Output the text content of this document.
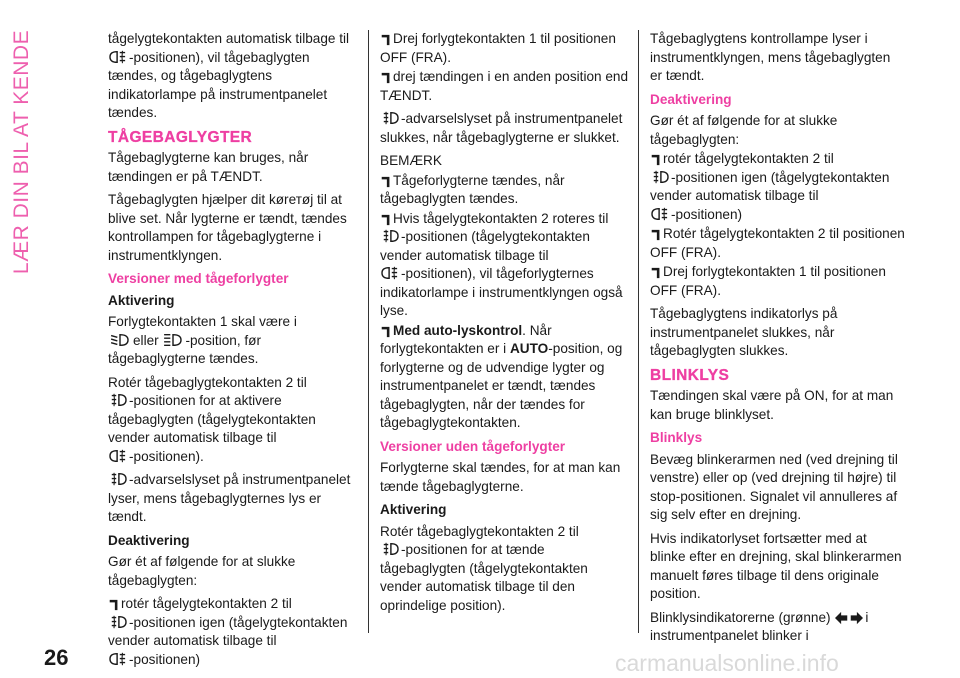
LÆR DIN BIL AT KENDE	tågelygtekontakten automatisk tilbage til
-positionen), vil tågebaglygten tændes, og tågebaglygtens indikatorlampe på instrumentpanelet tændes.

TÅGEBAGLYGTER

Tågebaglygterne kan bruges, når tændingen er på TÆNDT.

Tågebaglygten hjælper dit kørетøj til at blive set. Når lygterne er tændt, tændes kontrollampen for tågebaglygterne i instrumentklyngen.

Versioner med tågeforlygter
Aktivering

Forlygtekontakten 1 skal være i

eller -position, før tågebaglygterne tændes.

Rotér tågebaglygtekontakten 2 til

-positionen for at aktivere tågebaglygten (tågelygtekontakten vender automatisk tilbage til

-positionen).

-advarselslyset på instrumentpanelet lyser, mens tågebaglygternes lys er tændt.

Deaktivering

Gør ét af følgende for at slukke tågebaglygten:

rotér tågelygtekontakten 2 til

-positionen igen (tågelygtekontakten vender automatisk tilbage til

-positionen)

Drej forlygtekontakten 1 til positionen OFF (FRA).

drej tændingen i en anden position end TÆNDT.

-advarselslyset på instrumentpanelet slukkes, når tågebaglygterne er slukket.

BEMÆRK

Tågeforlygterne tændes, når tågebaglygten tændes.

Hvis tågelygtekontakten 2 roteres til

-positionen (tågelygtekontakten vender automatisk tilbage til

-positionen), vil tågeforlygternes indikatorlampe i instrumentklyngen også lyse.

Med auto-lyskontrol. Når forlygtekontakten er i AUTO-position, og forlygterne og de udvendige lygter og instrumentpanelet er tændt, tændes tågebaglygten, når der tændes for tågebaglygtekontakten.

Versioner uden tågeforlygter

Forlygterne skal tændes, for at man kan tænde tågebaglygterne.

Aktivering

Rotér tågebaglygtekontakten 2 til

-positionen for at tænde tågebaglygten (tågelygtekontakten vender automatisk tilbage til den oprindelige position).

Tågebaglygtens kontrollampe lyser i instrumentklyngen, mens tågebaglygten er tændt.

Deaktivering

Gør ét af følgende for at slukke tågebaglygten:

rotér tågelygtekontakten 2 til

-positionen igen (tågelygtekontakten vender automatisk tilbage til

-positionen)

Rotér tågelygtekontakten 2 til positionen OFF (FRA).

Drej forlygtekontakten 1 til positionen OFF (FRA).

Tågebaglygtens indikatorlys på instrumentpanelet slukkes, når tågebaglygten slukkes.

BLINKLYS

Tændingen skal være på ON, for at man kan bruge blinklyset.

Blinklys

Bevæg blinkerarmen ned (ved drejning til venstre) eller op (ved drejning til højre) til stop-positionen. Signalet vil annulleres af sig selv efter en drejning.

Hvis indikatorlyset fortsætter med at blinke efter en drejning, skal blinkerarmen manuelt føres tilbage til dens originale position.

Blinklysindikatorerne (grønne)	i instrumentpanelet blinker i

26	carmanualsonline.info
